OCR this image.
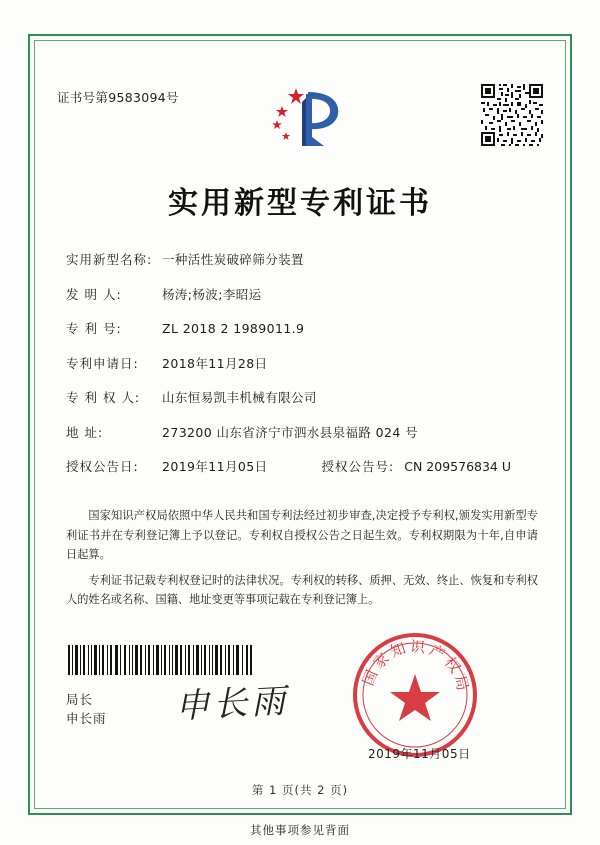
证书号第9583094号
实用新型专利证书
实用新型名称: 一种活性炭破碎筛分装置
发 明 人:	杨涛;杨波;李昭运
专 利 号:	ZL 2018 2 1989011.9
专利申请日:	2018年11月28日
专 利 权 人:	山东恒易凯丰机械有限公司
地 址:	273200 山东省济宁市泗水县泉福路 024 号
授权公告日:	2019年11月05日	授权公告号: CN 209576834 U

国家知识产权局依照中华人民共和国专利法经过初步审查,决定授予专利权,颁发实用新型专利证书并在专利登记簿上予以登记。专利权自授权公告之日起生效。专利权期限为十年,自申请日起算。

专利证书记载专利权登记时的法律状况。专利权的转移、质押、无效、终止、恢复和专利权人的姓名或名称、国籍、地址变更等事项记载在专利登记簿上。

申长雨
局长
申长雨
国家知识产权局
2019年11月05日
第 1 页(共 2 页)
其他事项参见背面
